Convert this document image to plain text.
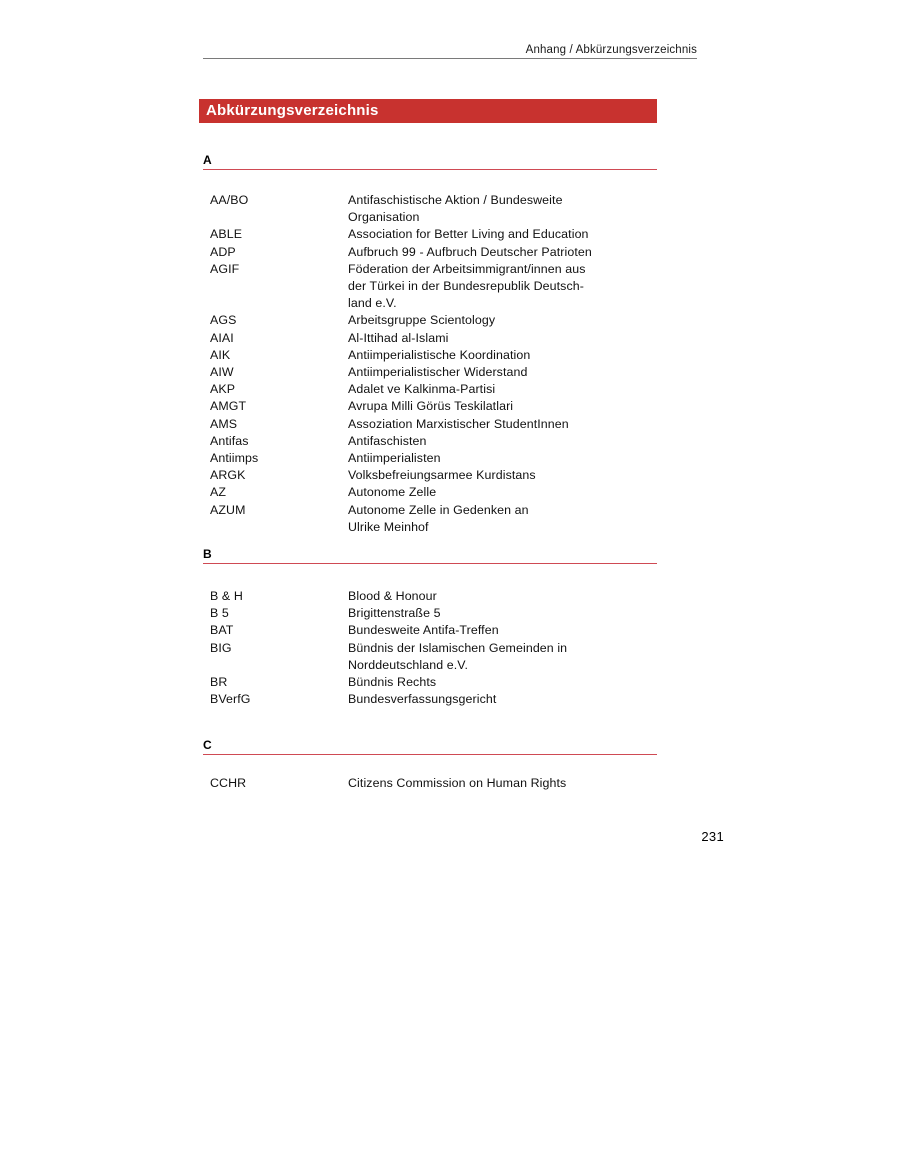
Anhang / Abkürzungsverzeichnis
Abkürzungsverzeichnis
A
AA/BO	Antifaschistische Aktion / Bundesweite
Organisation
ABLE	Association for Better Living and Education
ADP	Aufbruch 99 - Aufbruch Deutscher Patrioten
AGIF	Föderation der Arbeitsimmigrant/innen aus
der Türkei in der Bundesrepublik Deutsch-
land e.V.
AGS	Arbeitsgruppe Scientology
AIAI	Al-Ittihad al-Islami
AIK	Antiimperialistische Koordination
AIW	Antiimperialistischer Widerstand
AKP	Adalet ve Kalkinma-Partisi
AMGT	Avrupa Milli Görüs Teskilatlari
AMS	Assoziation Marxistischer StudentInnen
Antifas	Antifaschisten
Antiimps	Antiimperialisten
ARGK	Volksbefreiungsarmee Kurdistans
AZ	Autonome Zelle
AZUM	Autonome Zelle in Gedenken an
Ulrike Meinhof
B
B & H	Blood & Honour
B 5	Brigittenstraße 5
BAT	Bundesweite Antifa-Treffen
BIG	Bündnis der Islamischen Gemeinden in
Norddeutschland e.V.
BR	Bündnis Rechts
BVerfG	Bundesverfassungsgericht
C
CCHR	Citizens Commission on Human Rights
231
